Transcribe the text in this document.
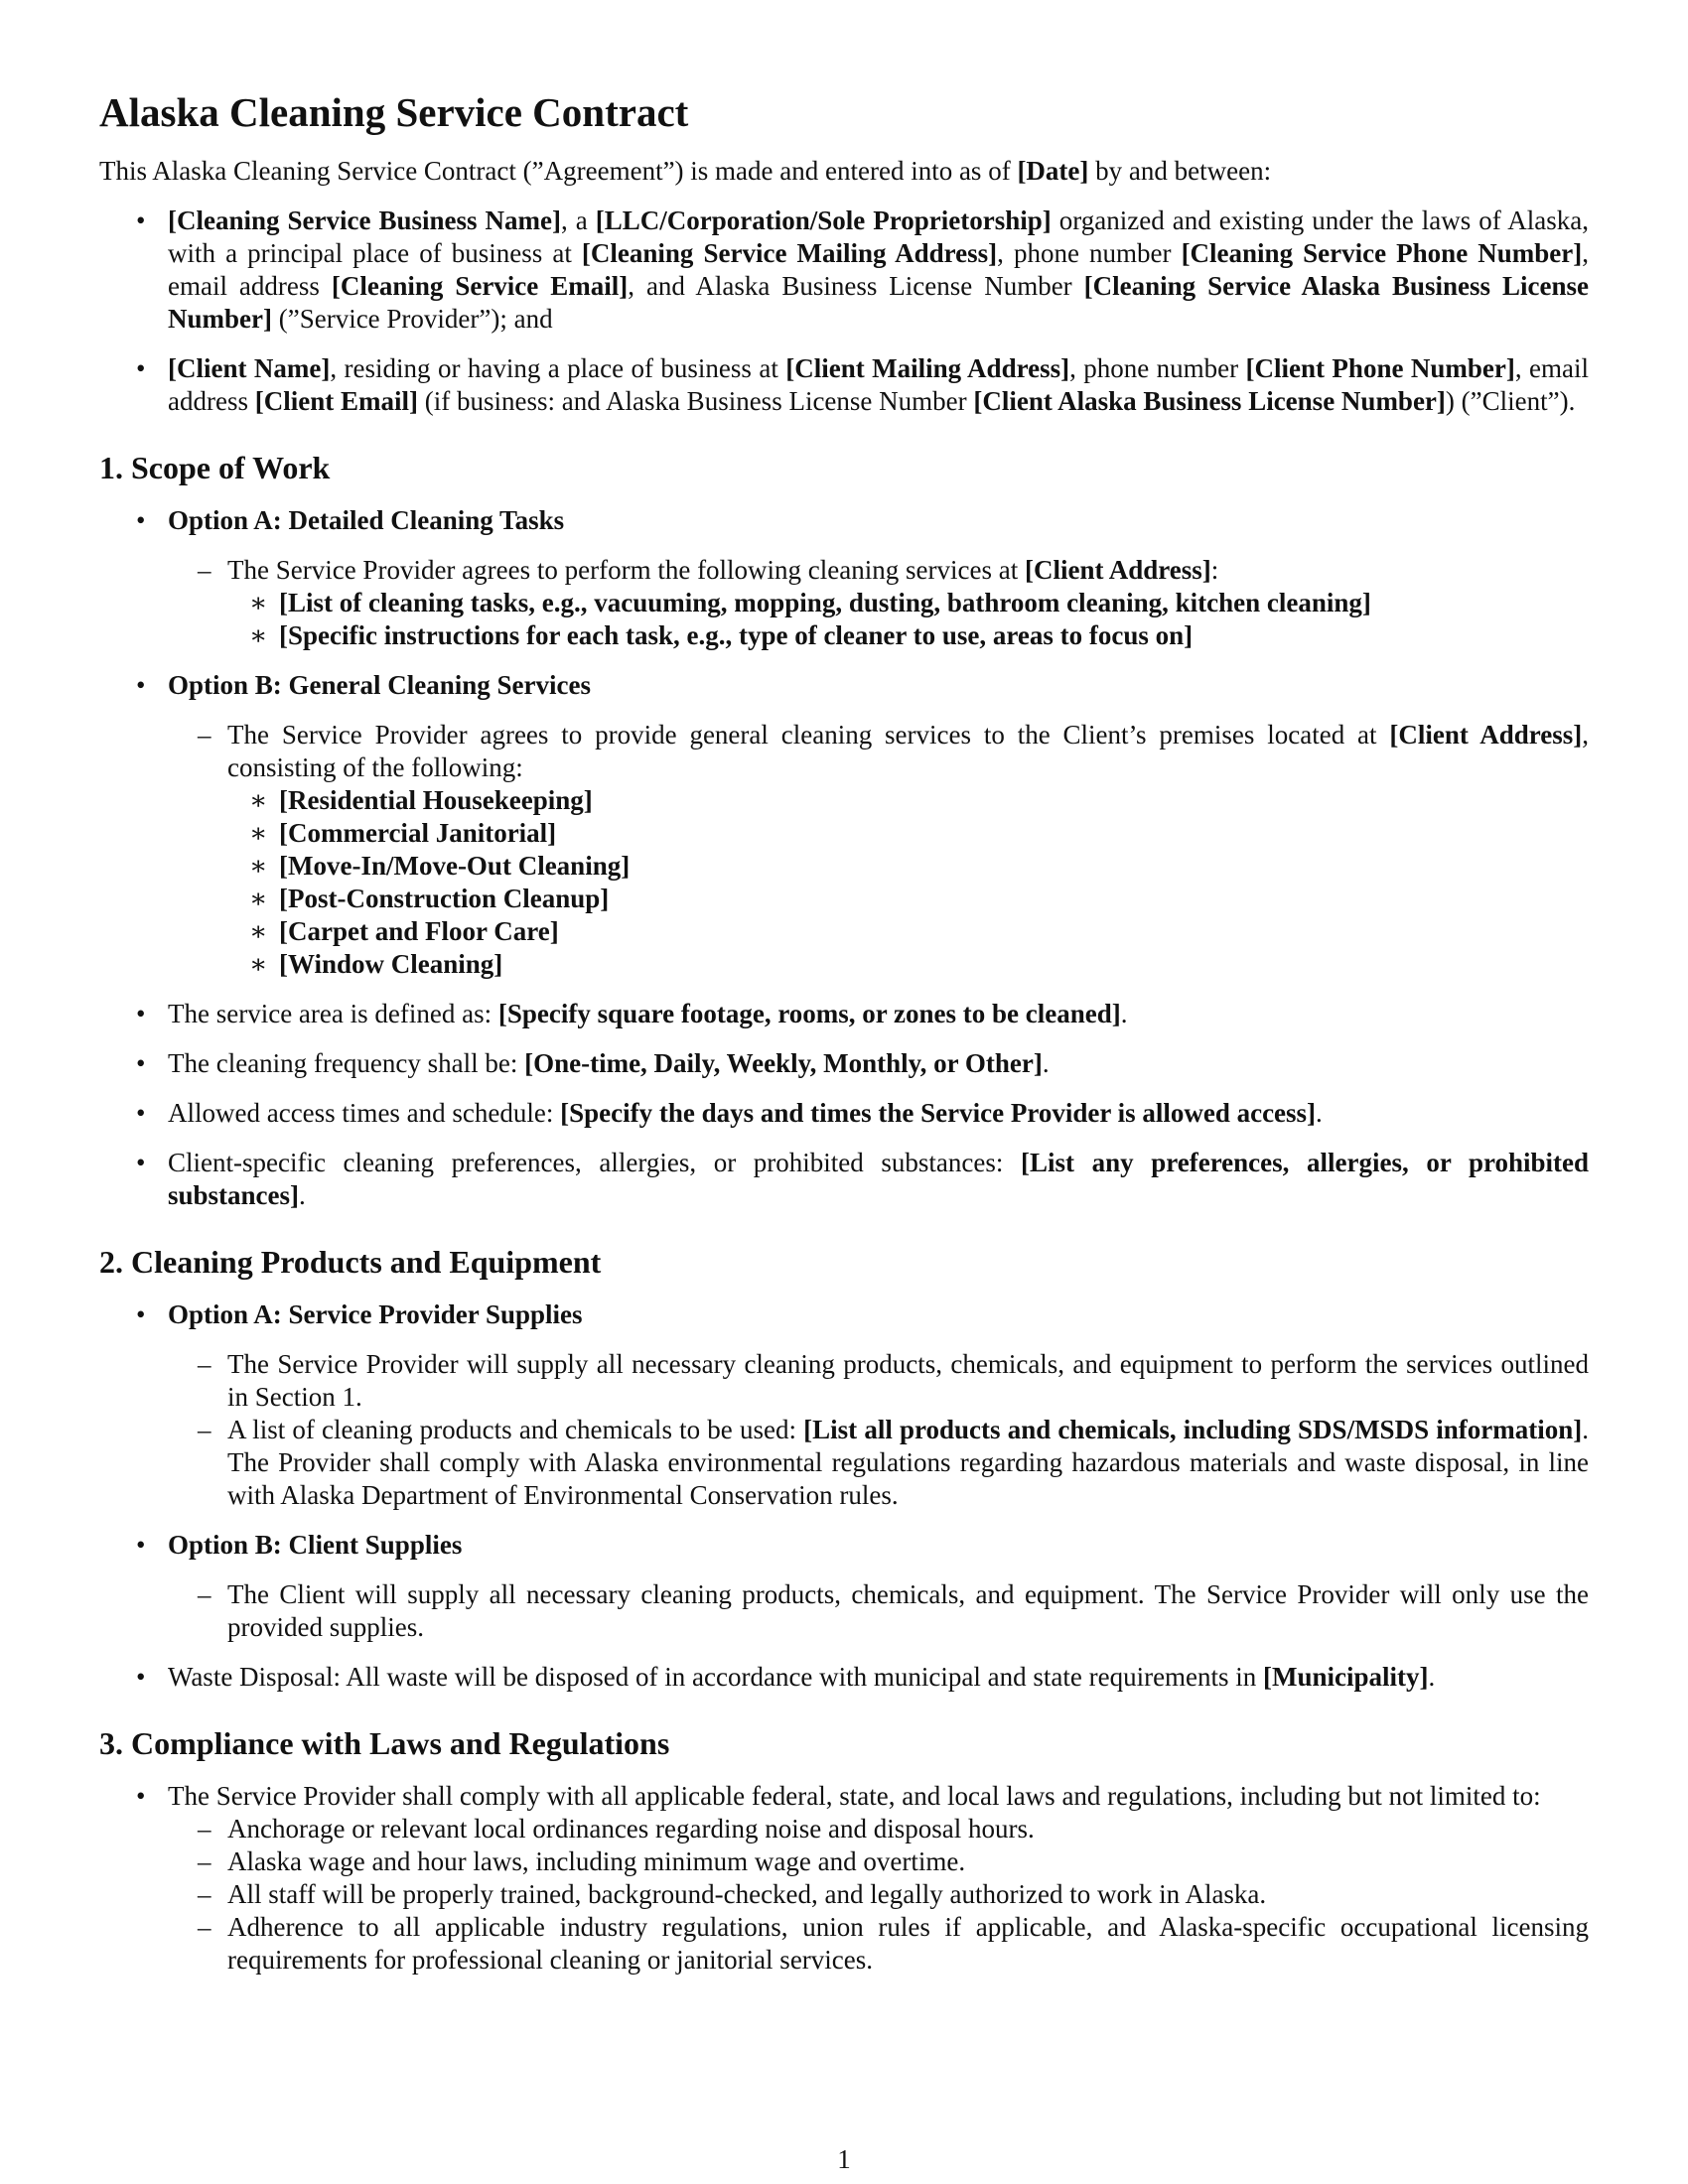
Alaska Cleaning Service Contract

This Alaska Cleaning Service Contract (”Agreement”) is made and entered into as of [Date] by and between:

• [Cleaning Service Business Name], a [LLC/Corporation/Sole Proprietorship] organized and existing under the laws of Alaska, with a principal place of business at [Cleaning Service Mailing Address], phone number [Cleaning Service Phone Number], email address [Cleaning Service Email], and Alaska Business License Number [Cleaning Service Alaska Business License Number] (”Service Provider”); and
• [Client Name], residing or having a place of business at [Client Mailing Address], phone number [Client Phone Number], email address [Client Email] (if business: and Alaska Business License Number [Client Alaska Business License Number]) (”Client”).
1. Scope of Work
• Option A: Detailed Cleaning Tasks
– The Service Provider agrees to perform the following cleaning services at [Client Address]:
∗ [List of cleaning tasks, e.g., vacuuming, mopping, dusting, bathroom cleaning, kitchen cleaning]
∗ [Specific instructions for each task, e.g., type of cleaner to use, areas to focus on]
• Option B: General Cleaning Services
– The Service Provider agrees to provide general cleaning services to the Client’s premises located at [Client Address], consisting of the following:
∗ [Residential Housekeeping]
∗ [Commercial Janitorial]
∗ [Move-In/Move-Out Cleaning]
∗ [Post-Construction Cleanup]
∗ [Carpet and Floor Care]
∗ [Window Cleaning]
• The service area is defined as: [Specify square footage, rooms, or zones to be cleaned].
• The cleaning frequency shall be: [One-time, Daily, Weekly, Monthly, or Other].
• Allowed access times and schedule: [Specify the days and times the Service Provider is allowed access].
• Client-specific cleaning preferences, allergies, or prohibited substances: [List any preferences, allergies, or prohibited substances].
2. Cleaning Products and Equipment
• Option A: Service Provider Supplies
– The Service Provider will supply all necessary cleaning products, chemicals, and equipment to perform the services outlined in Section 1.
– A list of cleaning products and chemicals to be used: [List all products and chemicals, including SDS/MSDS information]. The Provider shall comply with Alaska environmental regulations regarding hazardous materials and waste disposal, in line with Alaska Department of Environmental Conservation rules.
• Option B: Client Supplies
– The Client will supply all necessary cleaning products, chemicals, and equipment. The Service Provider will only use the provided supplies.
• Waste Disposal: All waste will be disposed of in accordance with municipal and state requirements in [Municipality].
3. Compliance with Laws and Regulations
• The Service Provider shall comply with all applicable federal, state, and local laws and regulations, including but not limited to:
– Anchorage or relevant local ordinances regarding noise and disposal hours.
– Alaska wage and hour laws, including minimum wage and overtime.
– All staff will be properly trained, background-checked, and legally authorized to work in Alaska.
– Adherence to all applicable industry regulations, union rules if applicable, and Alaska-specific occupational licensing requirements for professional cleaning or janitorial services.
1
